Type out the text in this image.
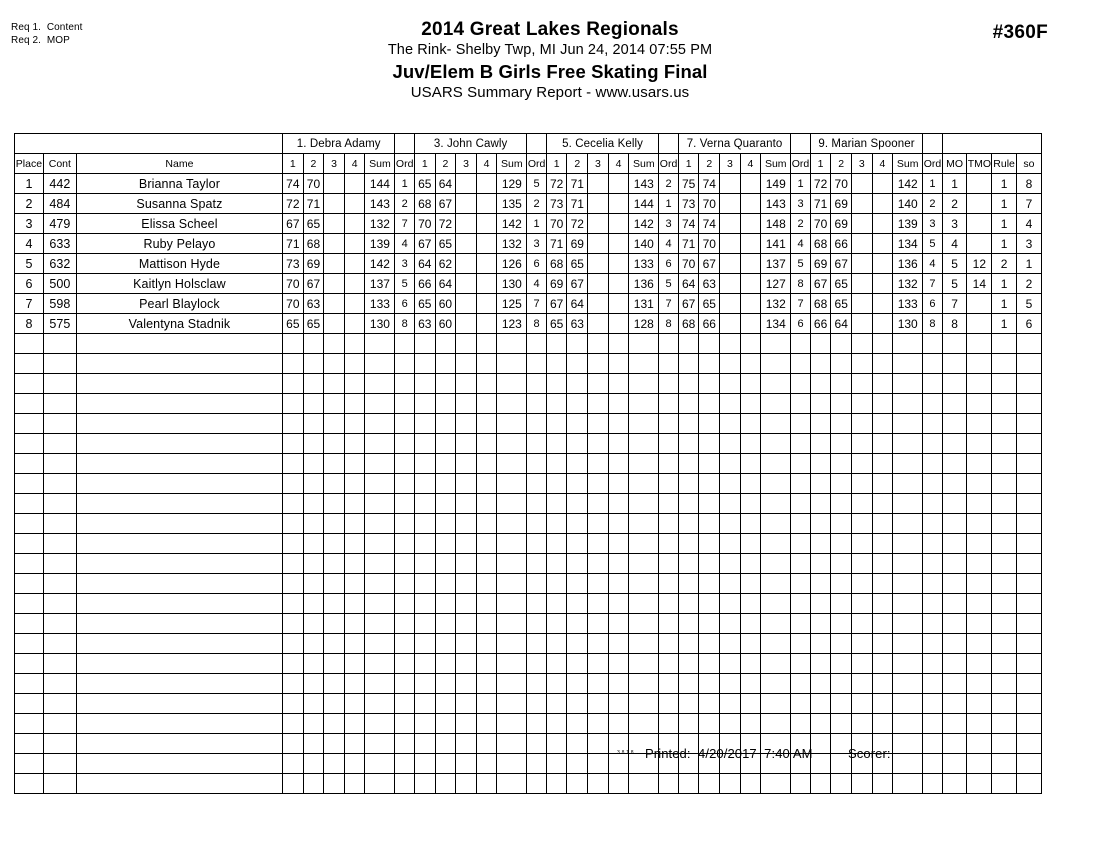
Req 1.  Content
Req 2.  MOP	2014 Great Lakes Regionals
The Rink- Shelby Twp, MI Jun 24, 2014 07:55 PM
Juv/Elem B Girls Free Skating Final
USARS Summary Report - www.usars.us
#360F
			1. Debra Adamy						3. John Cawly						5. Cecelia Kelly						7. Verna Quaranto						9. Marian Spooner									
Place	Cont	Name	1	2	3	4	Sum	Ord	1	2	3	4	Sum	Ord	1	2	3	4	Sum	Ord	1	2	3	4	Sum	Ord	1	2	3	4	Sum	Ord	MO	TMO	Rule	so
1	442	Brianna Taylor	74	70			144	1	65	64			129	5	72	71			143	2	75	74			149	1	72	70			142	1	1		1	8
2	484	Susanna Spatz	72	71			143	2	68	67			135	2	73	71			144	1	73	70			143	3	71	69			140	2	2		1	7
3	479	Elissa Scheel	67	65			132	7	70	72			142	1	70	72			142	3	74	74			148	2	70	69			139	3	3		1	4
4	633	Ruby Pelayo	71	68			139	4	67	65			132	3	71	69			140	4	71	70			141	4	68	66			134	5	4		1	3
5	632	Mattison Hyde	73	69			142	3	64	62			126	6	68	65			133	6	70	67			137	5	69	67			136	4	5	12	2	1
6	500	Kaitlyn Holsclaw	70	67			137	5	66	64			130	4	69	67			136	5	64	63			127	8	67	65			132	7	5	14	1	2
7	598	Pearl Blaylock	70	63			133	6	65	60			125	7	67	64			131	7	67	65			132	7	68	65			133	6	7		1	5
8	575	Valentyna Stadnik	65	65			130	8	63	60			123	8	65	63			128	8	68	66			134	6	66	64			130	8	8		1	6

3.8.1.8 Printed:  4/20/2017  7:40 AM	Scorer:
